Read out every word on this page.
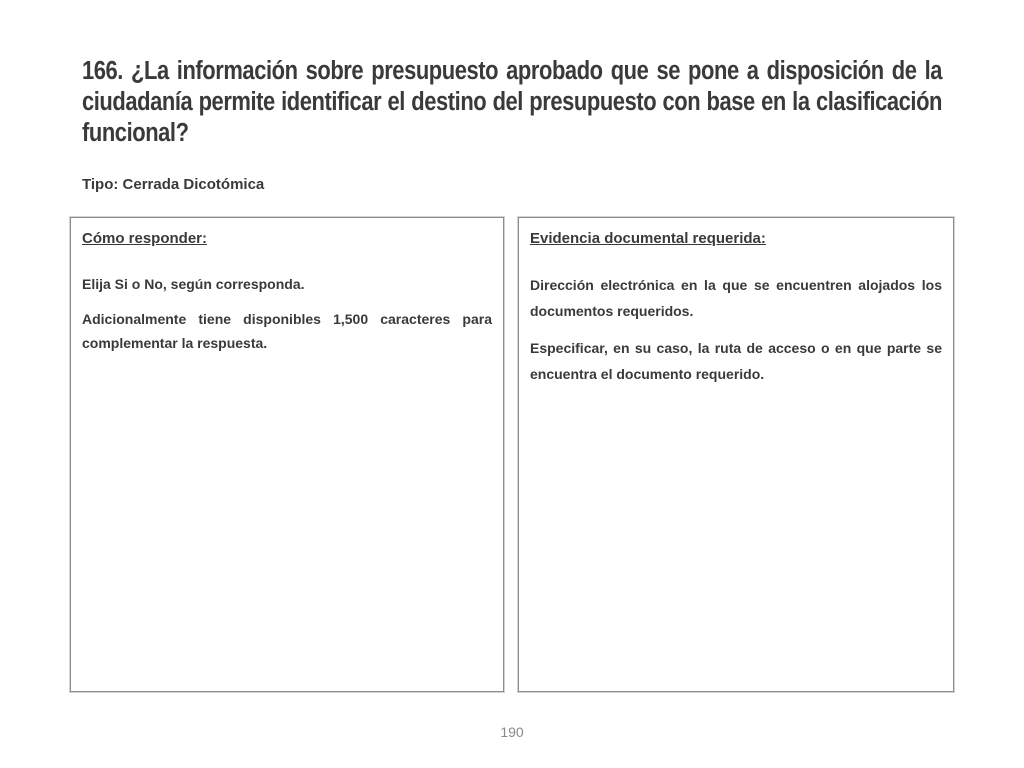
166. ¿La información sobre presupuesto aprobado que se pone a disposición de la ciudadanía permite identificar el destino del presupuesto con base en la clasificación funcional?

Tipo: Cerrada Dicotómica

Cómo responder:

Elija Si o No, según corresponda.

Adicionalmente tiene disponibles 1,500 caracteres para complementar la respuesta.

Evidencia documental requerida:

Dirección electrónica en la que se encuentren alojados los documentos requeridos.

Especificar, en su caso, la ruta de acceso o en que parte se encuentra el documento requerido.

190
